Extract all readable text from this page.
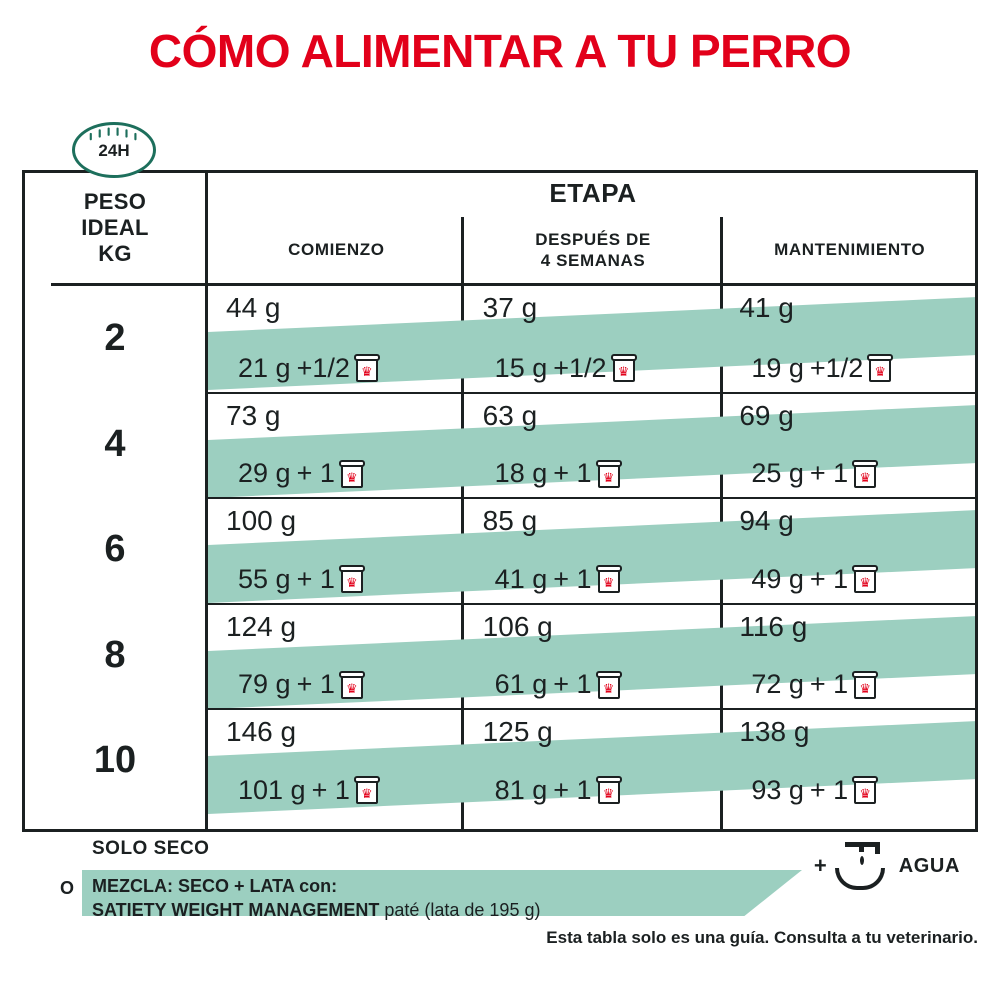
CÓMO ALIMENTAR A TU PERRO
24H
PESO
IDEAL
KG
2
4
6
8
10
ETAPA
COMIENZO
DESPUÉS DE
4 SEMANAS
MANTENIMIENTO
44 g
21 g +1/2 ♛
37 g
15 g +1/2 ♛
41 g
19 g +1/2 ♛
73 g
29 g + 1 ♛
63 g
18 g + 1 ♛
69 g
25 g + 1 ♛
100 g
55 g + 1 ♛
85 g
41 g + 1 ♛
94 g
49 g + 1 ♛
124 g
79 g + 1 ♛
106 g
61 g + 1 ♛
116 g
72 g + 1 ♛
146 g
101 g + 1 ♛
125 g
81 g + 1 ♛
138 g
93 g + 1 ♛
SOLO SECO
O MEZCLA: SECO + LATA con:
SATIETY WEIGHT MANAGEMENT paté (lata de 195 g)
+	AGUA
Esta tabla solo es una guía. Consulta a tu veterinario.
